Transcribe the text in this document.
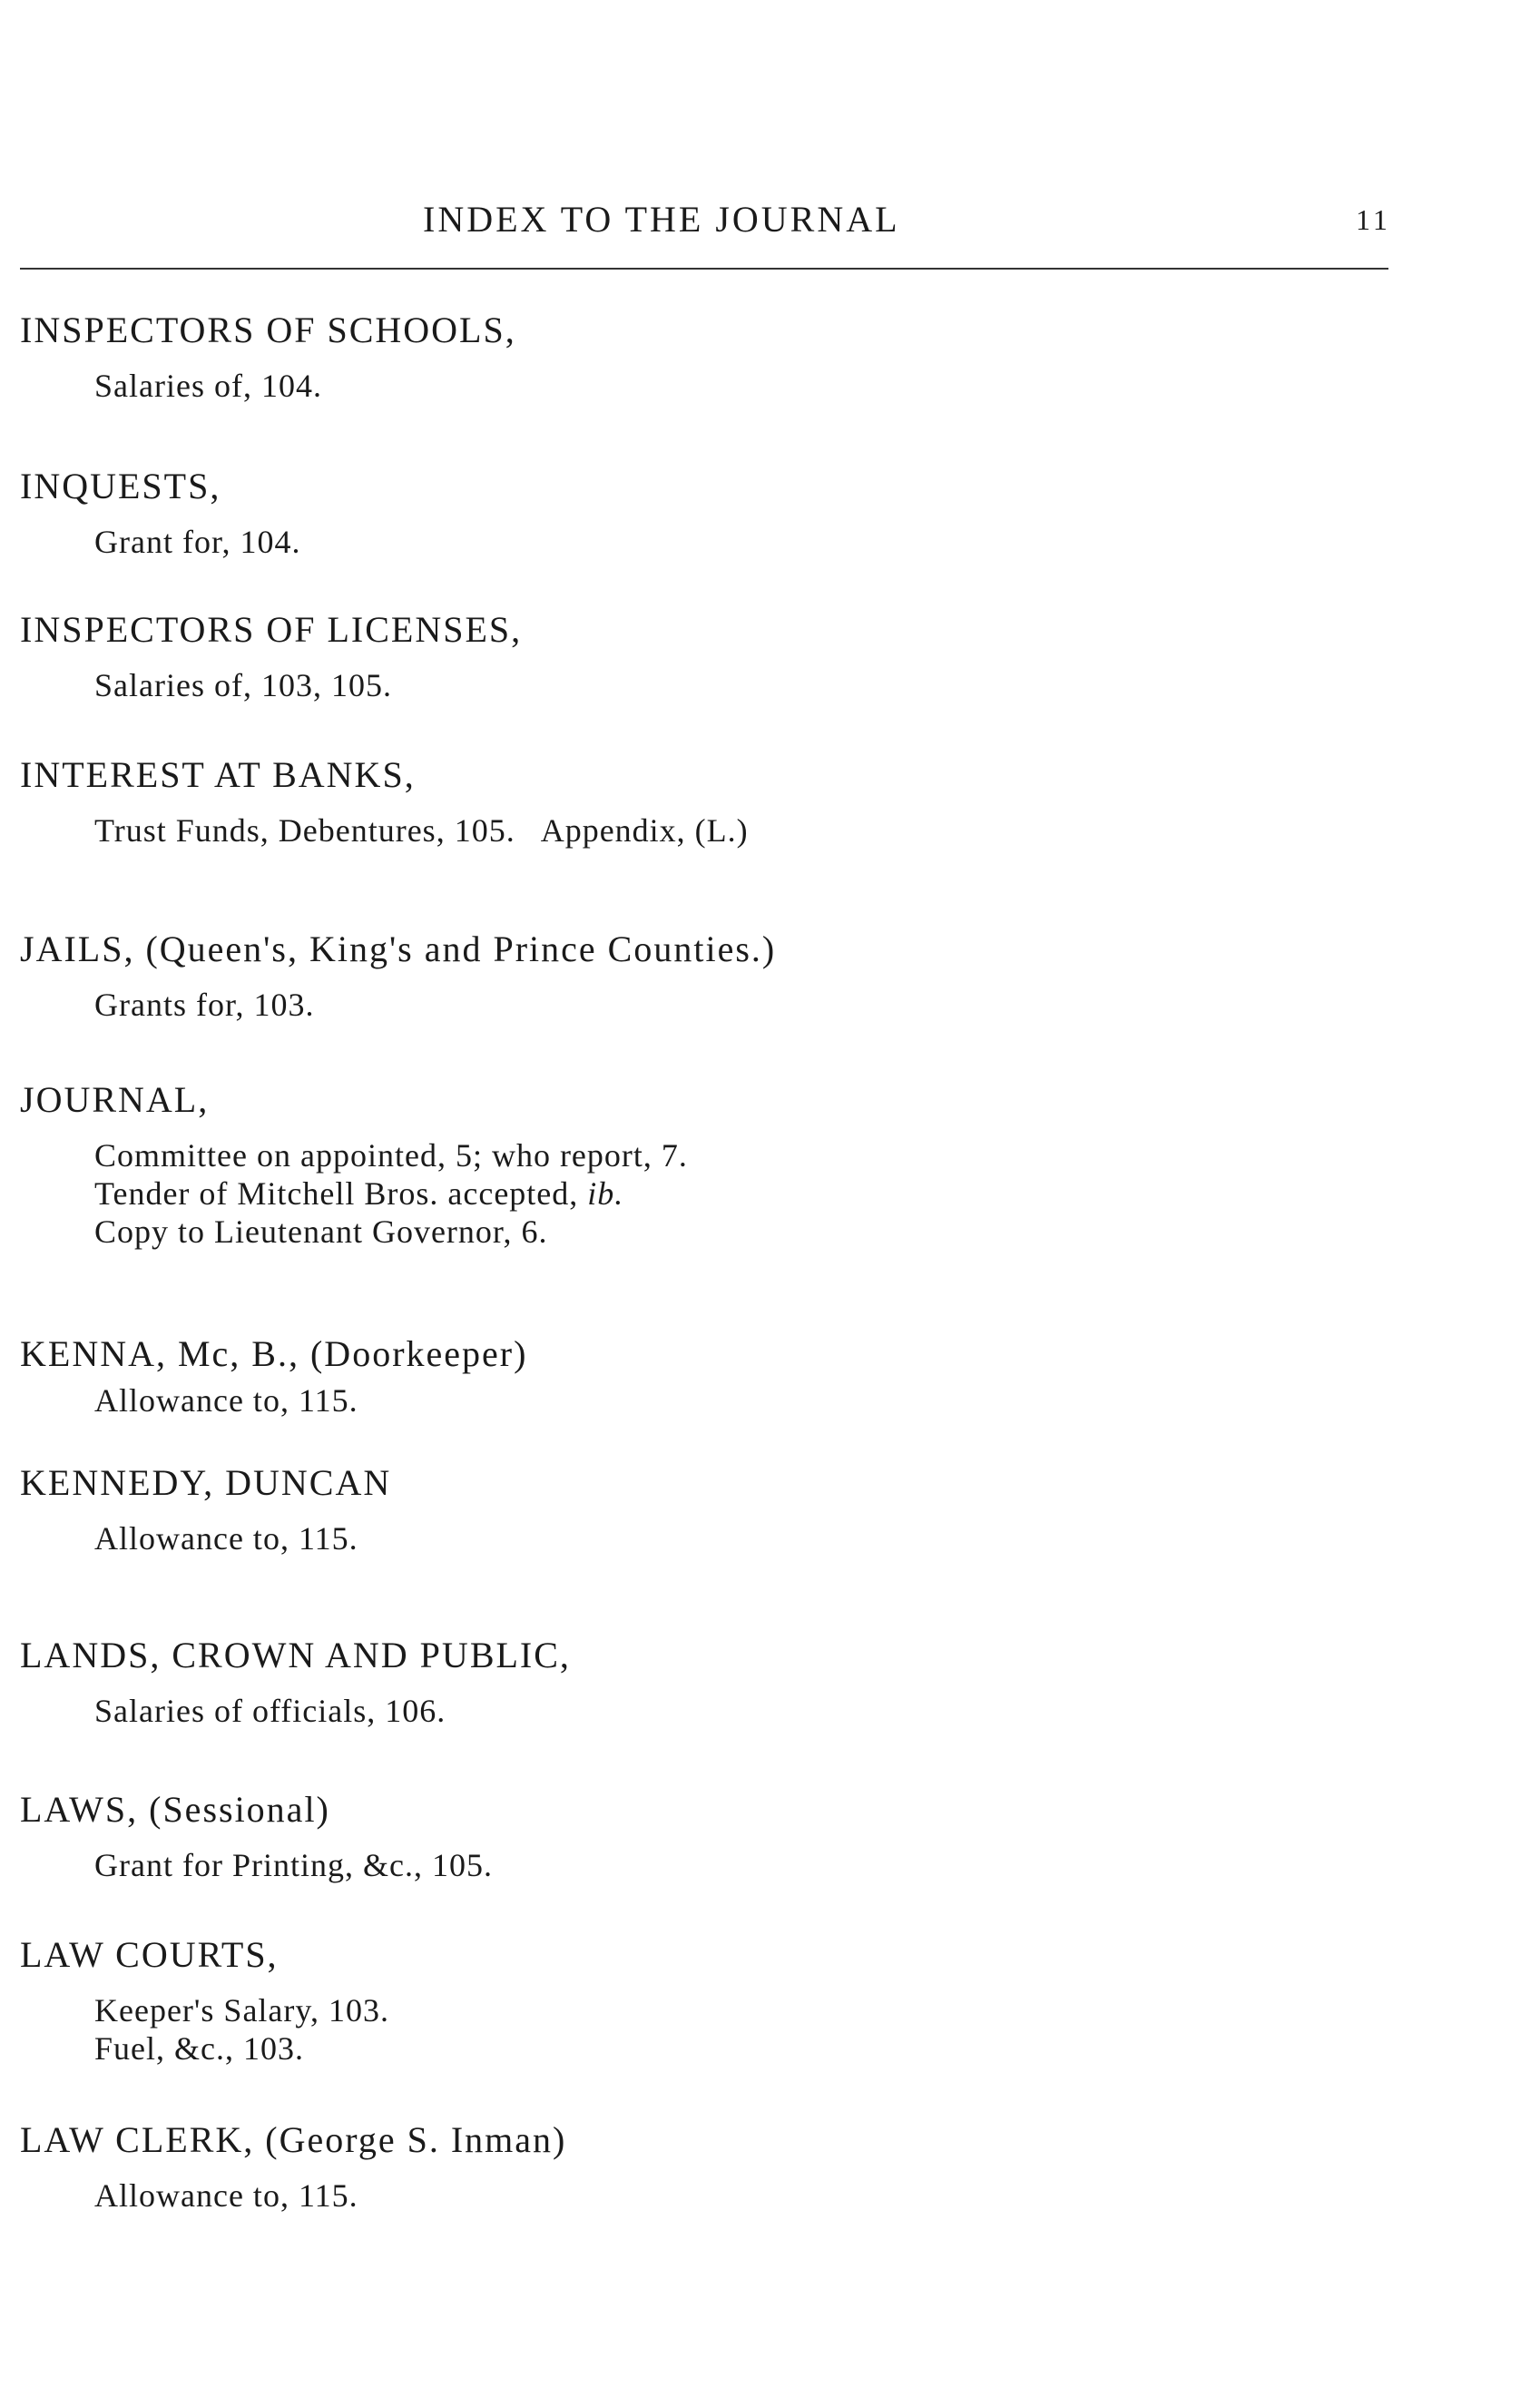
INDEX TO THE JOURNAL	11
INSPECTORS OF SCHOOLS,
Salaries of, 104.
INQUESTS,
Grant for, 104.
INSPECTORS OF LICENSES,
Salaries of, 103, 105.
INTEREST AT BANKS,
Trust Funds, Debentures, 105.   Appendix, (L.)
JAILS, (Queen's, King's and Prince Counties.)
Grants for, 103.
JOURNAL,
Committee on appointed, 5; who report, 7.
Tender of Mitchell Bros. accepted, ib.
Copy to Lieutenant Governor, 6.
KENNA, Mc, B., (Doorkeeper)
Allowance to, 115.
KENNEDY, DUNCAN
Allowance to, 115.
LANDS, CROWN AND PUBLIC,
Salaries of officials, 106.
LAWS, (Sessional)
Grant for Printing, &c., 105.
LAW COURTS,
Keeper's Salary, 103.
Fuel, &c., 103.
LAW CLERK, (George S. Inman)
Allowance to, 115.
